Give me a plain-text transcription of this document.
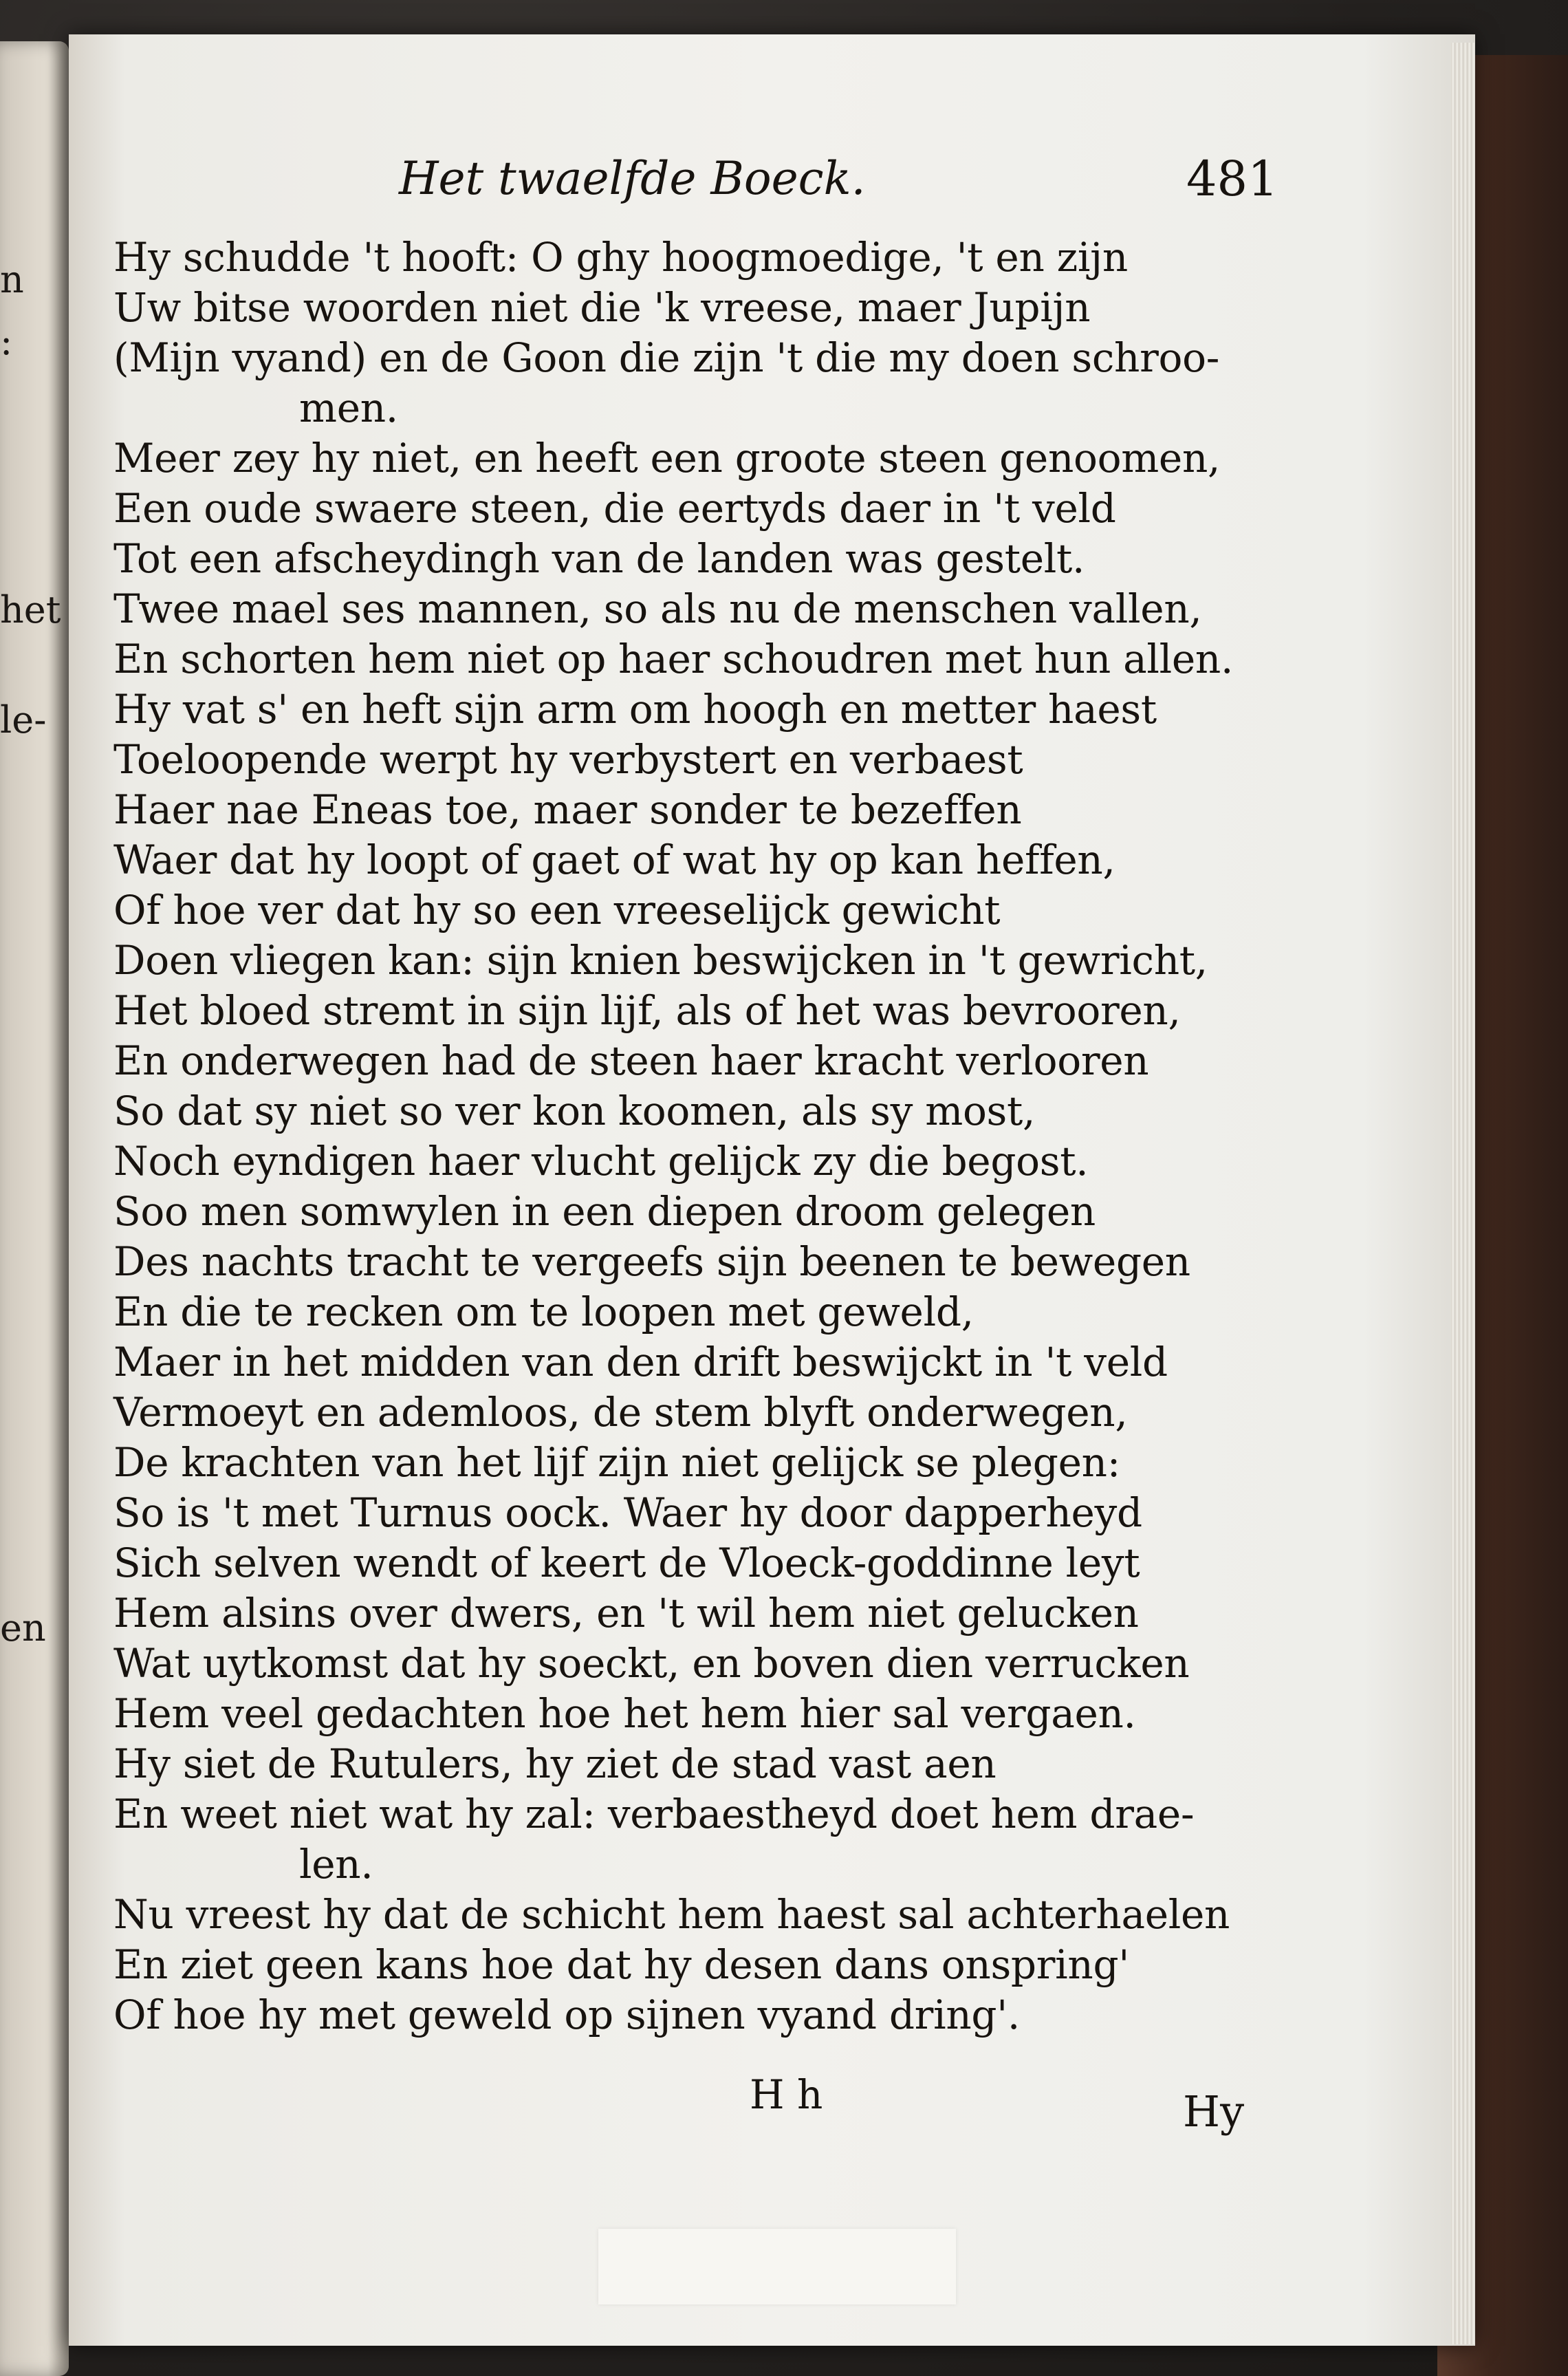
n
:
het
le-
en
Het twaelfde Boeck.	481
Hy schudde 't hooft: O ghy hoogmoedige, 't en zijn
Uw bitse woorden niet die 'k vreese, maer Jupijn
(Mijn vyand) en de Goon die zijn 't die my doen schroo-
men.
Meer zey hy niet, en heeft een groote steen genoomen,
Een oude swaere steen, die eertyds daer in 't veld
Tot een afscheydingh van de landen was gestelt.
Twee mael ses mannen, so als nu de menschen vallen,
En schorten hem niet op haer schoudren met hun allen.
Hy vat s' en heft sijn arm om hoogh en metter haest
Toeloopende werpt hy verbystert en verbaest
Haer nae Eneas toe, maer sonder te bezeffen
Waer dat hy loopt of gaet of wat hy op kan heffen,
Of hoe ver dat hy so een vreeselijck gewicht
Doen vliegen kan: sijn knien beswijcken in 't gewricht,
Het bloed stremt in sijn lijf, als of het was bevrooren,
En onderwegen had de steen haer kracht verlooren
So dat sy niet so ver kon koomen, als sy most,
Noch eyndigen haer vlucht gelijck zy die begost.
Soo men somwylen in een diepen droom gelegen
Des nachts tracht te vergeefs sijn beenen te bewegen
En die te recken om te loopen met geweld,
Maer in het midden van den drift beswijckt in 't veld
Vermoeyt en ademloos, de stem blyft onderwegen,
De krachten van het lijf zijn niet gelijck se plegen:
So is 't met Turnus oock. Waer hy door dapperheyd
Sich selven wendt of keert de Vloeck-goddinne leyt
Hem alsins over dwers, en 't wil hem niet gelucken
Wat uytkomst dat hy soeckt, en boven dien verrucken
Hem veel gedachten hoe het hem hier sal vergaen.
Hy siet de Rutulers, hy ziet de stad vast aen
En weet niet wat hy zal: verbaestheyd doet hem drae-
len.
Nu vreest hy dat de schicht hem haest sal achterhaelen
En ziet geen kans hoe dat hy desen dans onspring'
Of hoe hy met geweld op sijnen vyand dring'.
H h	Hy
